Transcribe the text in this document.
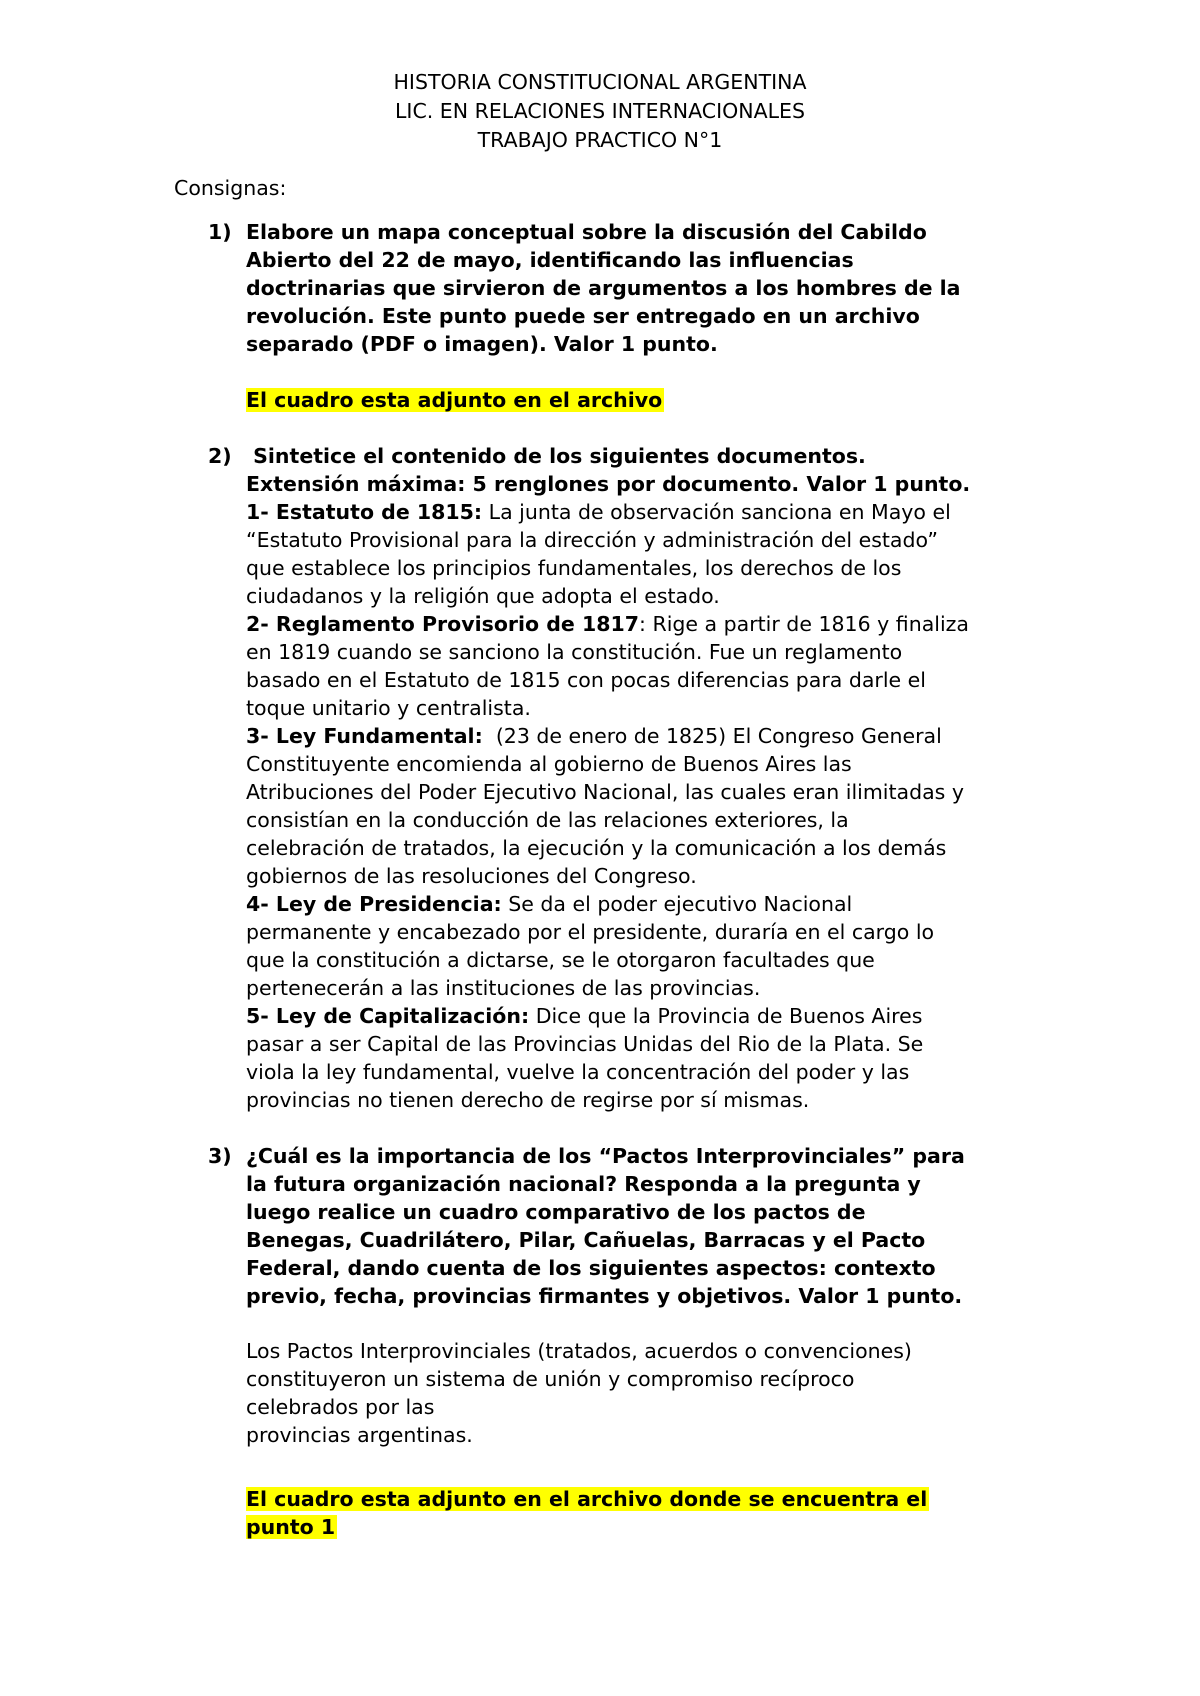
HISTORIA CONSTITUCIONAL ARGENTINA
LIC. EN RELACIONES INTERNACIONALES
TRABAJO PRACTICO N°1
Consignas:
1) Elabore un mapa conceptual sobre la discusión del Cabildo
Abierto del 22 de mayo, identificando las influencias
doctrinarias que sirvieron de argumentos a los hombres de la
revolución. Este punto puede ser entregado en un archivo
separado (PDF o imagen). Valor 1 punto.
El cuadro esta adjunto en el archivo
2) Sintetice el contenido de los siguientes documentos.
Extensión máxima: 5 renglones por documento. Valor 1 punto.
1- Estatuto de 1815: La junta de observación sanciona en Mayo el
“Estatuto Provisional para la dirección y administración del estado”
que establece los principios fundamentales, los derechos de los
ciudadanos y la religión que adopta el estado.
2- Reglamento Provisorio de 1817: Rige a partir de 1816 y finaliza
en 1819 cuando se sanciono la constitución. Fue un reglamento
basado en el Estatuto de 1815 con pocas diferencias para darle el
toque unitario y centralista.
3- Ley Fundamental:  (23 de enero de 1825) El Congreso General
Constituyente encomienda al gobierno de Buenos Aires las
Atribuciones del Poder Ejecutivo Nacional, las cuales eran ilimitadas y
consistían en la conducción de las relaciones exteriores, la
celebración de tratados, la ejecución y la comunicación a los demás
gobiernos de las resoluciones del Congreso.
4- Ley de Presidencia: Se da el poder ejecutivo Nacional
permanente y encabezado por el presidente, duraría en el cargo lo
que la constitución a dictarse, se le otorgaron facultades que
pertenecerán a las instituciones de las provincias.
5- Ley de Capitalización: Dice que la Provincia de Buenos Aires
pasar a ser Capital de las Provincias Unidas del Rio de la Plata. Se
viola la ley fundamental, vuelve la concentración del poder y las
provincias no tienen derecho de regirse por sí mismas.
3) ¿Cuál es la importancia de los “Pactos Interprovinciales” para
la futura organización nacional? Responda a la pregunta y
luego realice un cuadro comparativo de los pactos de
Benegas, Cuadrilátero, Pilar, Cañuelas, Barracas y el Pacto
Federal, dando cuenta de los siguientes aspectos: contexto
previo, fecha, provincias firmantes y objetivos. Valor 1 punto.
Los Pactos Interprovinciales (tratados, acuerdos o convenciones)
constituyeron un sistema de unión y compromiso recíproco
celebrados por las
provincias argentinas.
El cuadro esta adjunto en el archivo donde se encuentra el
punto 1
